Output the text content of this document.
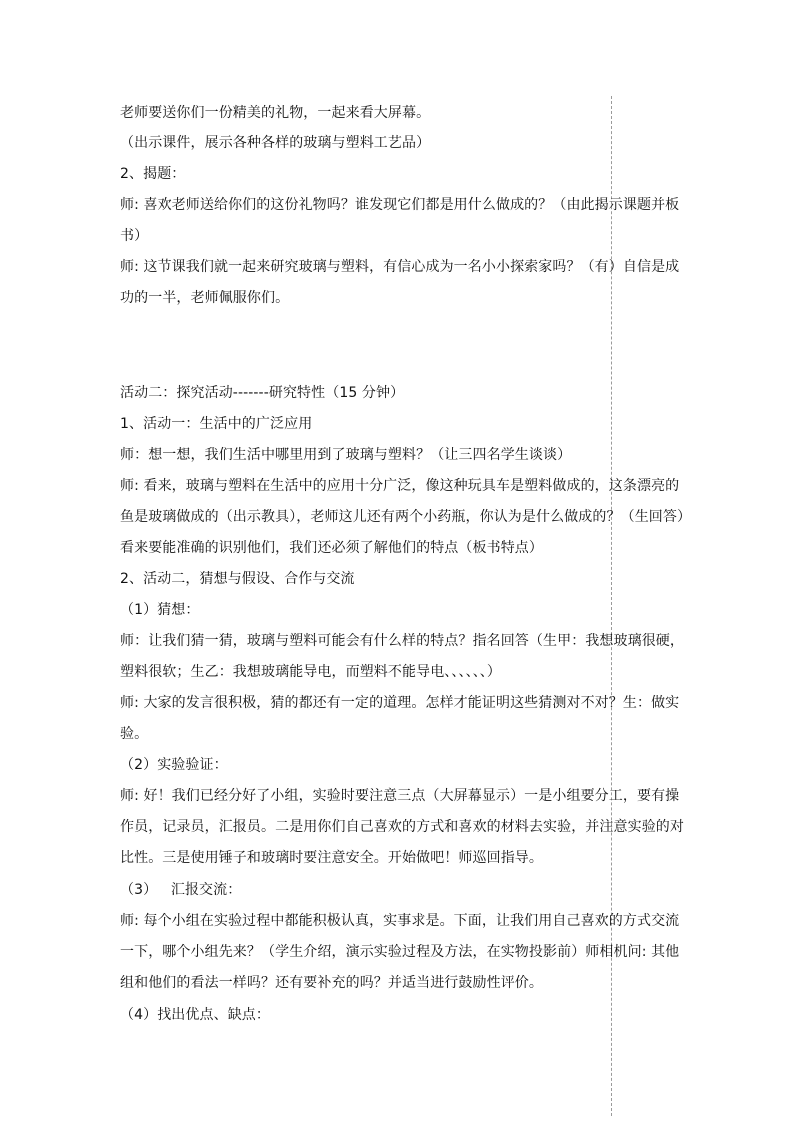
老师要送你们一份精美的礼物，一起来看大屏幕。
（出示课件，展示各种各样的玻璃与塑料工艺品）
2、揭题：
师: 喜欢老师送给你们的这份礼物吗？谁发现它们都是用什么做成的？（由此揭示课题并板
书）
师: 这节课我们就一起来研究玻璃与塑料，有信心成为一名小小探索家吗？（有）自信是成
功的一半，老师佩服你们。
活动二：探究活动-------研究特性（15 分钟）
1、活动一：生活中的广泛应用
师：想一想，我们生活中哪里用到了玻璃与塑料？（让三四名学生谈谈）
师: 看来，玻璃与塑料在生活中的应用十分广泛，像这种玩具车是塑料做成的，这条漂亮的
鱼是玻璃做成的（出示教具），老师这儿还有两个小药瓶，你认为是什么做成的？（生回答）
看来要能准确的识别他们，我们还必须了解他们的特点（板书特点）
2、活动二，猜想与假设、合作与交流
（1）猜想：
师：让我们猜一猜，玻璃与塑料可能会有什么样的特点？指名回答（生甲：我想玻璃很硬，
塑料很软；生乙：我想玻璃能导电，而塑料不能导电、、、、、、）
师: 大家的发言很积极，猜的都还有一定的道理。怎样才能证明这些猜测对不对？生：做实
验。
（2）实验验证：
师: 好！我们已经分好了小组，实验时要注意三点（大屏幕显示）一是小组要分工，要有操
作员，记录员，汇报员。二是用你们自己喜欢的方式和喜欢的材料去实验，并注意实验的对
比性。三是使用锤子和玻璃时要注意安全。开始做吧！师巡回指导。
（3）   汇报交流：
师: 每个小组在实验过程中都能积极认真，实事求是。下面，让我们用自己喜欢的方式交流
一下，哪个小组先来？（学生介绍，演示实验过程及方法，在实物投影前）师相机问: 其他
组和他们的看法一样吗？还有要补充的吗？并适当进行鼓励性评价。
（4）找出优点、缺点：
